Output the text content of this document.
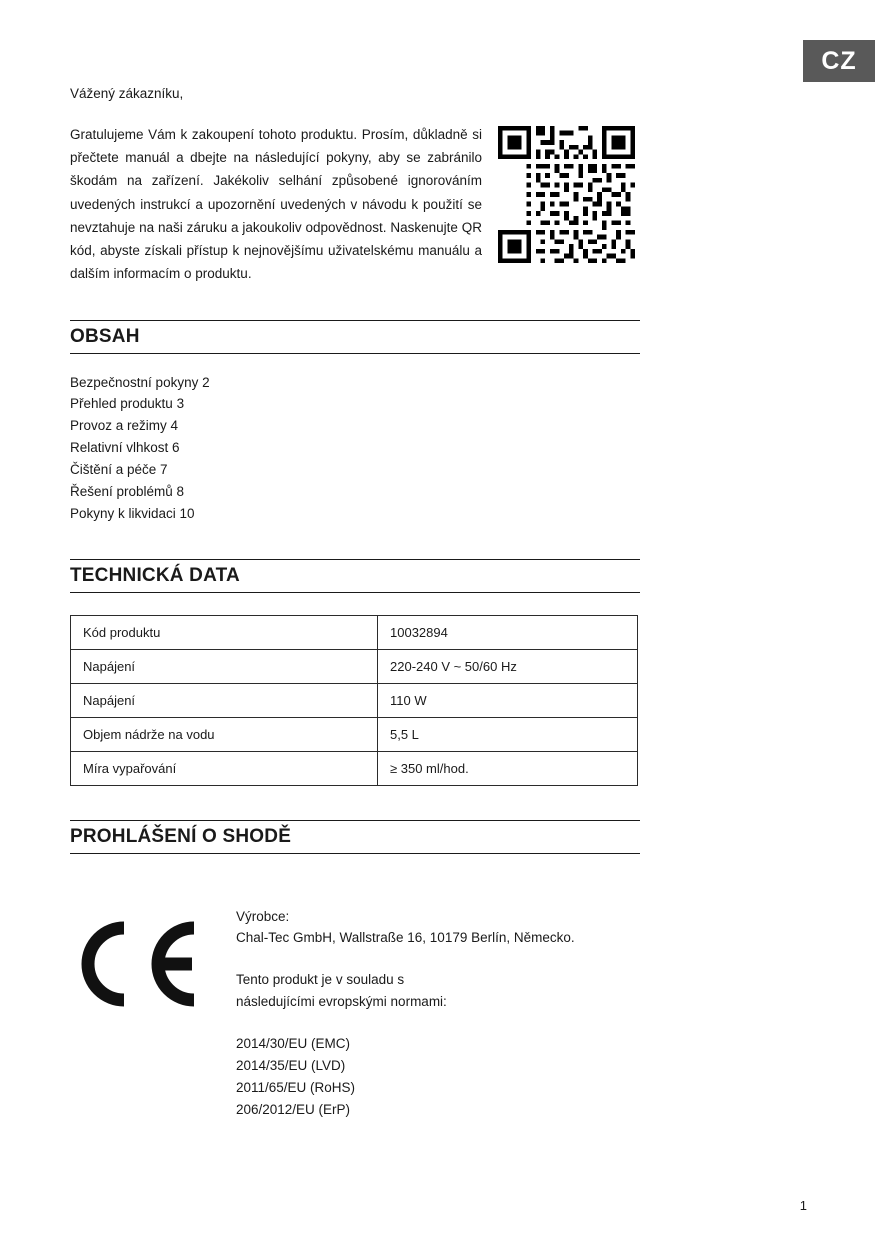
CZ

Vážený zákazníku,

Gratulujeme Vám k zakoupení tohoto produktu. Prosím, důkladně si přečtete manuál a dbejte na následující pokyny, aby se zabránilo škodám na zařízení. Jakékoliv selhání způsobené ignorováním uvedených instrukcí a upozornění uvedených v návodu k použití se nevztahuje na naši záruku a jakoukoliv odpovědnost. Naskenujte QR kód, abyste získali přístup k nejnovějšímu uživatelskému manuálu a dalším informacím o produktu.

OBSAH
Bezpečnostní pokyny 2
Přehled produktu 3
Provoz a režimy 4
Relativní vlhkost 6
Čištění a péče 7
Řešení problémů 8
Pokyny k likvidaci 10
TECHNICKÁ DATA
Kód produktu	10032894
Napájení	220-240 V ~ 50/60 Hz
Napájení	110 W
Objem nádrže na vodu	5,5 L
Míra vypařování	≥ 350 ml/hod.
PROHLÁŠENÍ O SHODĚ

Výrobce:
Chal-Tec GmbH, Wallstraße 16, 10179 Berlín, Německo.

Tento produkt je v souladu s
následujícími evropskými normami:

2014/30/EU (EMC)
2014/35/EU (LVD)
2011/65/EU (RoHS)
206/2012/EU (ErP)
1
